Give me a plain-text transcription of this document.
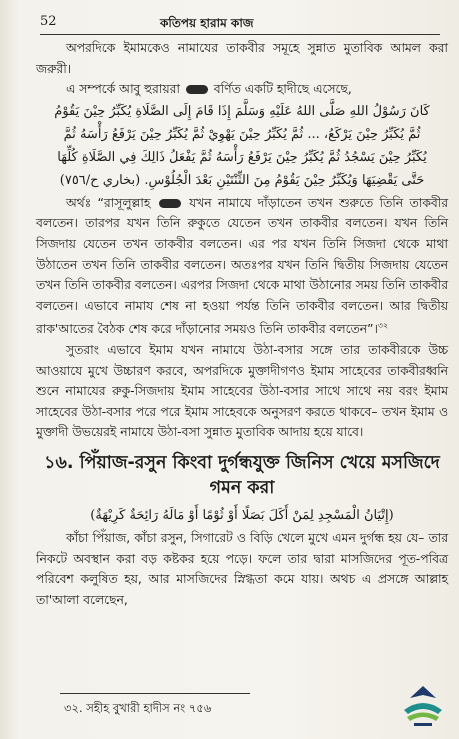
52	কতিপয় হারাম কাজ

অপরদিকে ইমামকেও নামাযের তাকবীর সমূহে সুন্নাত মুতাবিক আমল করা জরুরী।

এ সম্পর্কে আবু হুরায়রা	বর্ণিত একটি হাদীছে এসেছে,

كَانَ رَسُوْلُ اللهِ صَلَّى اللهُ عَلَيْهِ وَسَلَّمَ إِذَا قَامَ إِلَى الصَّلَاةِ يُكَبِّرُ حِيْنَ يَقُوْمُ
ثُمَّ يُكَبِّرُ حِيْنَ يَرْكَعُ، ... ثُمَّ يُكَبِّرُ حِيْنَ يَهْوِيْ ثُمَّ يُكَبِّرُ حِيْنَ يَرْفَعُ رَأْسَهُ ثُمَّ
يُكَبِّرُ حِيْنَ يَسْجُدُ ثُمَّ يُكَبِّرُ حِيْنَ يَرْفَعُ رَأْسَهُ ثُمَّ يَفْعَلُ ذَالِكَ فِي الصَّلَاةِ كُلِّهَا
حَتَّى يَقْضِيَهَا وَيُكَبِّرُ حِيْنَ يَقُوْمُ مِنَ الثِّنْتَيْنِ بَعْدَ الْجُلُوْسِ. (بخاري ح/٧٥٦)

অর্থঃ “রাসূলুল্লাহ	যখন নামাযে দাঁড়াতেন তখন শুরুতে তিনি তাকবীর বলতেন। তারপর যখন তিনি রুকুতে যেতেন তখন তাকবীর বলতেন। যখন তিনি সিজদায় যেতেন তখন তাকবীর বলতেন। এর পর যখন তিনি সিজদা থেকে মাথা উঠাতেন তখন তিনি তাকবীর বলতেন। অতঃপর যখন তিনি দ্বিতীয় সিজদায় যেতেন তখন তিনি তাকবীর বলতেন। এরপর সিজদা থেকে মাথা উঠানোর সময় তিনি তাকবীর বলতেন। এভাবে নামায শেষ না হওয়া পর্যন্ত তিনি তাকবীর বলতেন। আর দ্বিতীয় রাক'আতের বৈঠক শেষ করে দাঁড়ানোর সময়ও তিনি তাকবীর বলতেন”।$^{৩২}$

সুতরাং এভাবে ইমাম যখন নামাযে উঠা-বসার সঙ্গে তার তাকবীরকে উচ্চ আওয়াযে মুখে উচ্চারণ করবে, অপরদিকে মুক্তাদীগণও ইমাম সাহেবের তাকবীরধ্বনি শুনে নামাযের রুকু-সিজদায় ইমাম সাহেবের উঠা-বসার সাথে সাথে নয় বরং ইমাম সাহেবের উঠা-বসার পরে পরে ইমাম সাহেবকে অনুসরণ করতে থাকবে– তখন ইমাম ও মুক্তাদী উভয়েরই নামাযে উঠা-বসা সুন্নাত মুতাবিক আদায় হয়ে যাবে।

১৬. পিঁয়াজ-রসুন কিংবা দুর্গন্ধযুক্ত জিনিস খেয়ে মসজিদে গমন করা
(إِتْيَانُ الْمَسْجِدِ لِمَنْ أَكَلَ بَصَلًا أَوْ ثُوْمًا أَوْ مَالَهُ رَائِحَةٌ كَرِيْهَةٌ)

কাঁচা পিঁয়াজ, কাঁচা রসুন, সিগারেট ও বিড়ি খেলে মুখে এমন দুর্গন্ধ হয় যে– তার নিকটে অবস্থান করা বড় কষ্টকর হয়ে পড়ে। ফলে তার দ্বারা মাসজিদের পূত-পবিত্র পরিবেশ কলুষিত হয়, আর মাসজিদের স্নিগ্ধতা কমে যায়। অথচ এ প্রসঙ্গে আল্লাহ তা'আলা বলেছেন,

৩২. সহীহ বুখারী হাদীস নং ৭৫৬
